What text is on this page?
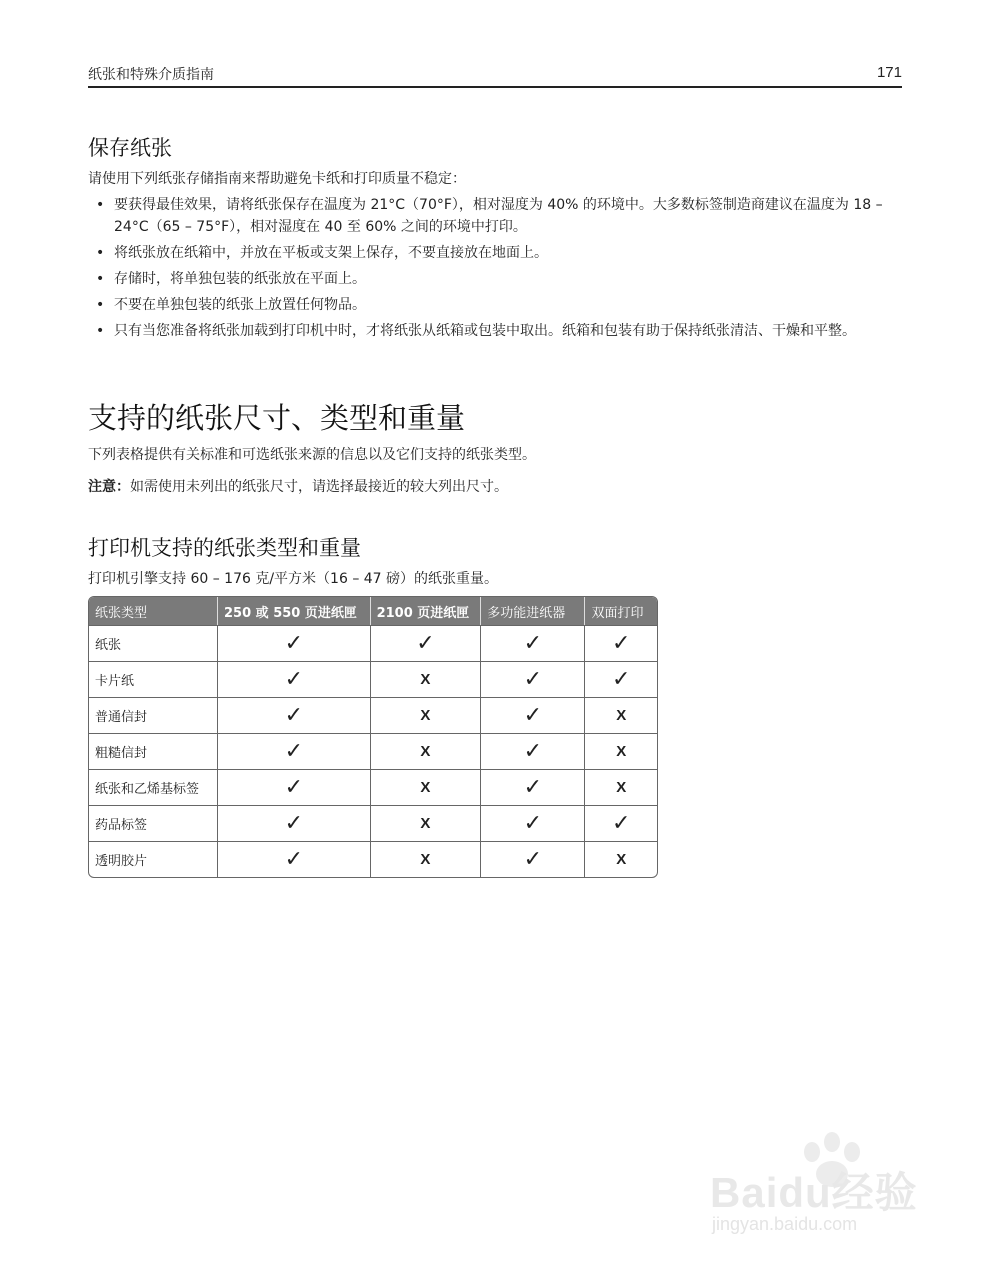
纸张和特殊介质指南	171
保存纸张
请使用下列纸张存储指南来帮助避免卡纸和打印质量不稳定：
• 要获得最佳效果，请将纸张保存在温度为 21°C（70°F），相对湿度为 40% 的环境中。大多数标签制造商建议在温度为 18 – 24°C（65 – 75°F），相对湿度在 40 至 60% 之间的环境中打印。
• 将纸张放在纸箱中，并放在平板或支架上保存，不要直接放在地面上。
• 存储时，将单独包装的纸张放在平面上。
• 不要在单独包装的纸张上放置任何物品。
• 只有当您准备将纸张加载到打印机中时，才将纸张从纸箱或包装中取出。纸箱和包装有助于保持纸张清洁、干燥和平整。
支持的纸张尺寸、类型和重量
下列表格提供有关标准和可选纸张来源的信息以及它们支持的纸张类型。
注意：如需使用未列出的纸张尺寸，请选择最接近的较大列出尺寸。
打印机支持的纸张类型和重量
打印机引擎支持 60 – 176 克/平方米（16 – 47 磅）的纸张重量。
纸张类型	250 或 550 页进纸匣	2100 页进纸匣	多功能进纸器	双面打印
纸张	✓	✓	✓	✓
卡片纸	✓	X	✓	✓
普通信封	✓	X	✓	X
粗糙信封	✓	X	✓	X
纸张和乙烯基标签	✓	X	✓	X
药品标签	✓	X	✓	✓
透明胶片	✓	X	✓	X
Baidu经验
jingyan.baidu.com
